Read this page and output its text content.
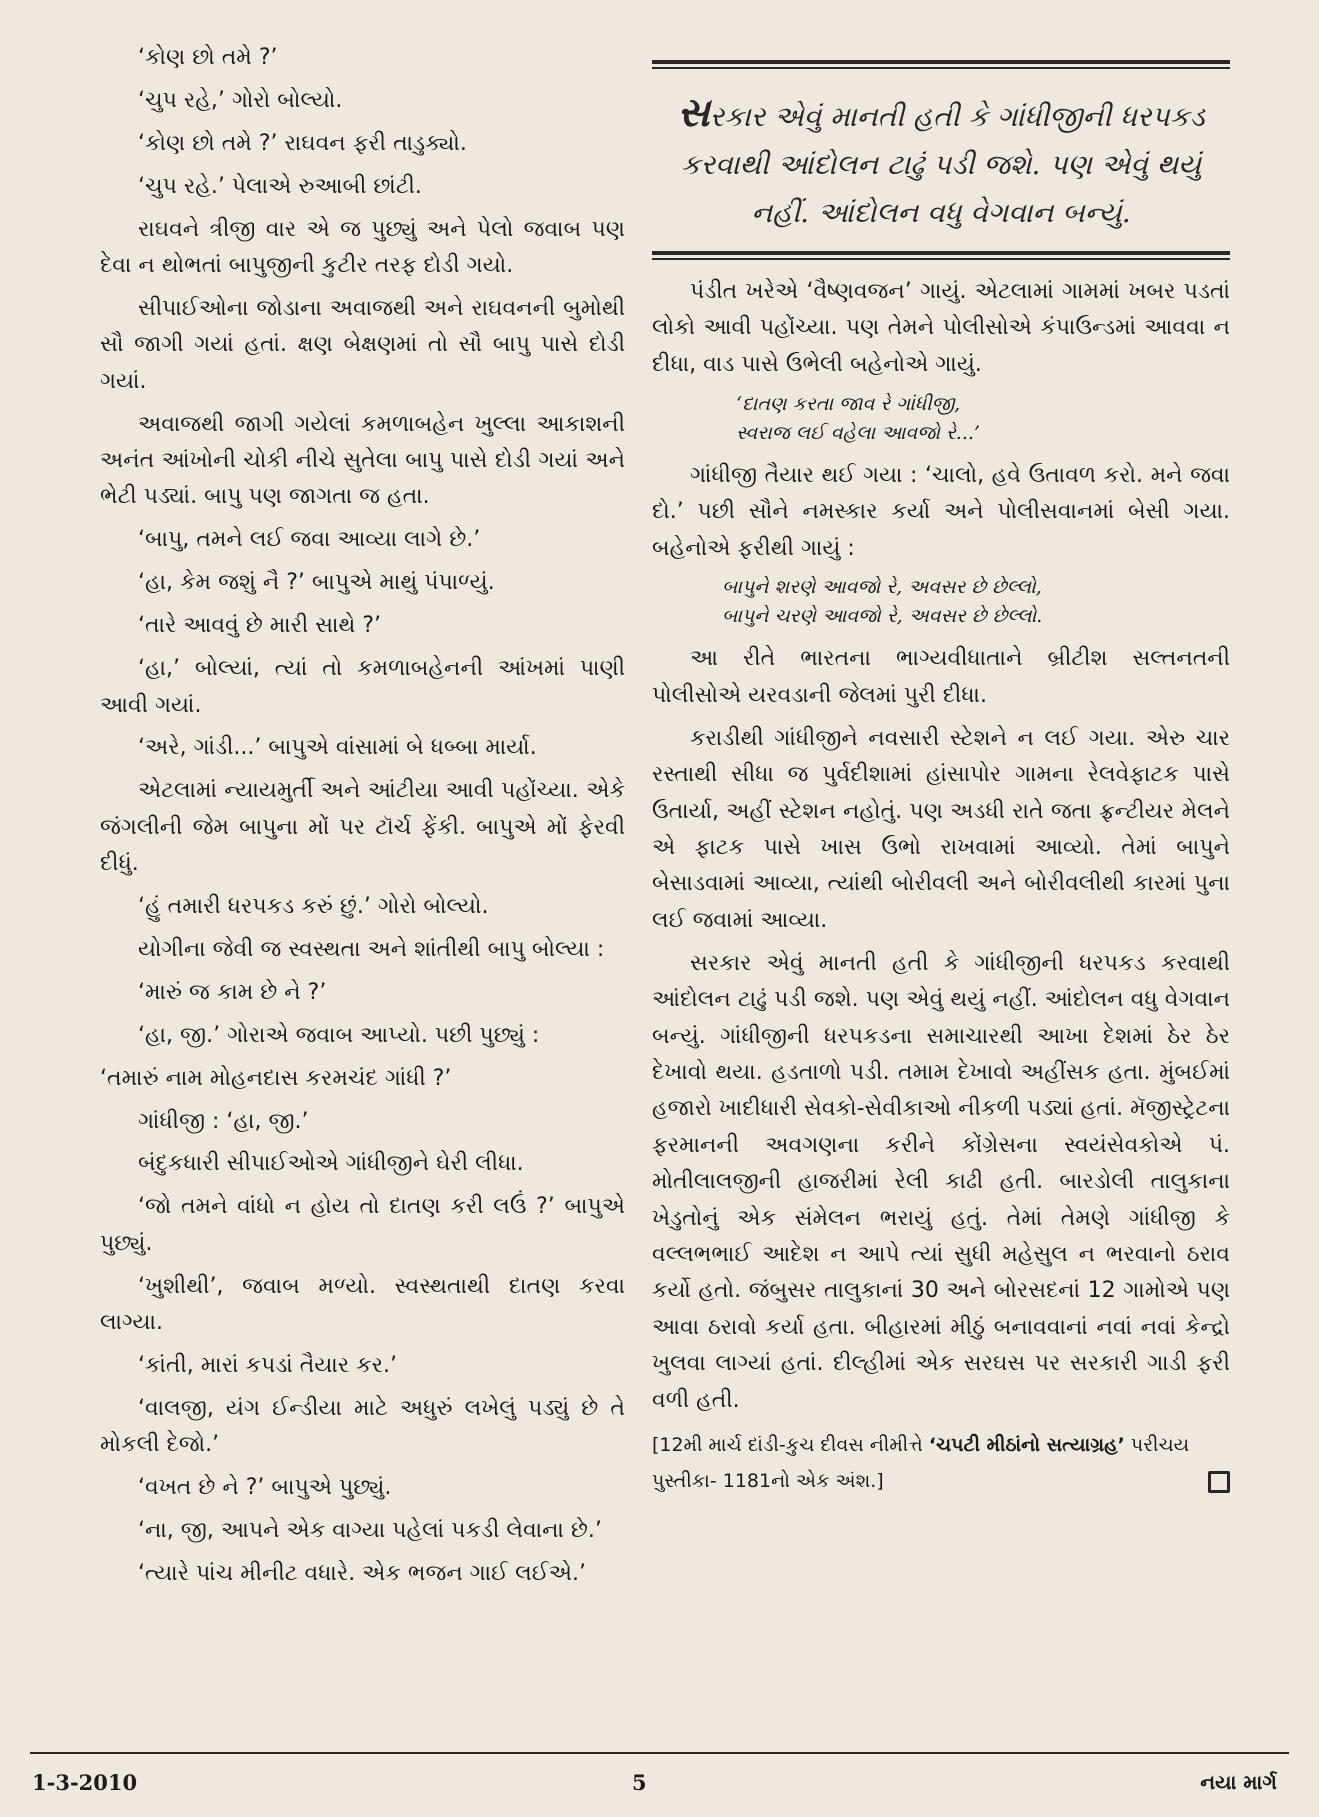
‘કોણ છો તમે ?’

‘ચુપ રહે,’ ગોરો બોલ્યો.

‘કોણ છો તમે ?’ રાઘવન ફરી તાડુક્યો.

‘ચુપ રહે.’ પેલાએ રુઆબી છાંટી.

રાઘવને ત્રીજી વાર એ જ પુછ્યું અને પેલો જવાબ પણ દેવા ન થોભતાં બાપુજીની કુટીર તરફ દોડી ગયો.

સીપાઈઓના જોડાના અવાજથી અને રાઘવનની બુમોથી સૌ જાગી ગયાં હતાં. ક્ષણ બેક્ષણમાં તો સૌ બાપુ પાસે દોડી ગયાં.

અવાજથી જાગી ગયેલાં કમળાબહેન ખુલ્લા આકાશની અનંત આંખોની ચોકી નીચે સુતેલા બાપુ પાસે દોડી ગયાં અને ભેટી પડ્યાં. બાપુ પણ જાગતા જ હતા.

‘બાપુ, તમને લઈ જવા આવ્યા લાગે છે.’

‘હા, કેમ જશું નૈ ?’ બાપુએ માથું પંપાળ્યું.

‘તારે આવવું છે મારી સાથે ?’

‘હા,’ બોલ્યાં, ત્યાં તો કમળાબહેનની આંખમાં પાણી આવી ગયાં.

‘અરે, ગાંડી...’ બાપુએ વાંસામાં બે ધબ્બા માર્યા.

એટલામાં ન્યાયમુર્તી અને આંટીયા આવી પહોંચ્યા. એકે જંગલીની જેમ બાપુના મોં પર ટૉર્ચ ફેંકી. બાપુએ મોં ફેરવી દીધું.

‘હું તમારી ધરપકડ કરું છું.’ ગોરો બોલ્યો.

યોગીના જેવી જ સ્વસ્થતા અને શાંતીથી બાપુ બોલ્યા :

‘મારું જ કામ છે ને ?’

‘હા, જી.’ ગોરાએ જવાબ આપ્યો. પછી પુછ્યું :

‘તમારું નામ મોહનદાસ કરમચંદ ગાંધી ?’

ગાંધીજી : ‘હા, જી.’

બંદુકધારી સીપાઈઓએ ગાંધીજીને ઘેરી લીધા.

‘જો તમને વાંધો ન હોય તો દાતણ કરી લઉં ?’ બાપુએ પુછ્યું.

‘ખુશીથી’, જવાબ મળ્યો. સ્વસ્થતાથી દાતણ કરવા લાગ્યા.

‘કાંતી, મારાં કપડાં તૈયાર કર.’

‘વાલજી, યંગ ઈન્ડીયા માટે અધુરું લખેલું પડ્યું છે તે મોકલી દેજો.’

‘વખત છે ને ?’ બાપુએ પુછ્યું.

‘ના, જી, આપને એક વાગ્યા પહેલાં પકડી લેવાના છે.’

‘ત્યારે પાંચ મીનીટ વધારે. એક ભજન ગાઈ લઈએ.’

સરકાર એવું માનતી હતી કે ગાંધીજીની ધરપકડ કરવાથી આંદોલન ટાઢું પડી જશે. પણ એવું થયું નહીં. આંદોલન વધુ વેગવાન બન્યું.

પંડીત ખરેએ ‘વૈષ્ણવજન’ ગાયું. એટલામાં ગામમાં ખબર પડતાં લોકો આવી પહોંચ્યા. પણ તેમને પોલીસોએ કંપાઉન્ડમાં આવવા ન દીધા, વાડ પાસે ઉભેલી બહેનોએ ગાયું.

‘દાતણ કરતા જાવ રે ગાંધીજી,
સ્વરાજ લઈ વહેલા આવજો રે...’

ગાંધીજી તૈયાર થઈ ગયા : ‘ચાલો, હવે ઉતાવળ કરો. મને જવા દો.’ પછી સૌને નમસ્કાર કર્યા અને પોલીસવાનમાં બેસી ગયા. બહેનોએ ફરીથી ગાયું :

બાપુને શરણે આવજો રે, અવસર છે છેલ્લો,
બાપુને ચરણે આવજો રે, અવસર છે છેલ્લો.

આ રીતે ભારતના ભાગ્યવીધાતાને બ્રીટીશ સલ્તનતની પોલીસોએ યરવડાની જેલમાં પુરી દીધા.

કરાડીથી ગાંધીજીને નવસારી સ્ટેશને ન લઈ ગયા. એરુ ચાર રસ્તાથી સીધા જ પુર્વદીશામાં હાંસાપોર ગામના રેલવેફાટક પાસે ઉતાર્યા, અહીં સ્ટેશન નહોતું. પણ અડધી રાતે જતા ફ્રન્ટીયર મેલને એ ફાટક પાસે ખાસ ઉભો રાખવામાં આવ્યો. તેમાં બાપુને બેસાડવામાં આવ્યા, ત્યાંથી બોરીવલી અને બોરીવલીથી કારમાં પુના લઈ જવામાં આવ્યા.

સરકાર એવું માનતી હતી કે ગાંધીજીની ધરપકડ કરવાથી આંદોલન ટાઢું પડી જશે. પણ એવું થયું નહીં. આંદોલન વધુ વેગવાન બન્યું. ગાંધીજીની ધરપકડના સમાચારથી આખા દેશમાં ઠેર ઠેર દેખાવો થયા. હડતાળો પડી. તમામ દેખાવો અહીંસક હતા. મુંબઈમાં હજારો ખાદીધારી સેવકો-સેવીકાઓ નીકળી પડ્યાં હતાં. મૅજીસ્ટ્રેટના ફરમાનની અવગણના કરીને કોંગ્રેસના સ્વયંસેવકોએ પં. મોતીલાલજીની હાજરીમાં રેલી કાઢી હતી. બારડોલી તાલુકાના ખેડુતોનું એક સંમેલન ભરાયું હતું. તેમાં તેમણે ગાંધીજી કે વલ્લભભાઈ આદેશ ન આપે ત્યાં સુધી મહેસુલ ન ભરવાનો ઠરાવ કર્યો હતો. જંબુસર તાલુકાનાં 30 અને બોરસદનાં 12 ગામોએ પણ આવા ઠરાવો કર્યા હતા. બીહારમાં મીઠું બનાવવાનાં નવાં નવાં કેન્દ્રો ખુલવા લાગ્યાં હતાં. દીલ્હીમાં એક સરઘસ પર સરકારી ગાડી ફરી વળી હતી.

[12મી માર્ચ દાંડી-કુચ દીવસ નીમીત્તે ‘ચપટી મીઠાંનો સત્યાગ્રહ’ પરીચય પુસ્તીકા- 1181નો એક અંશ.]
1-3-2010	5	નયા માર્ગ
